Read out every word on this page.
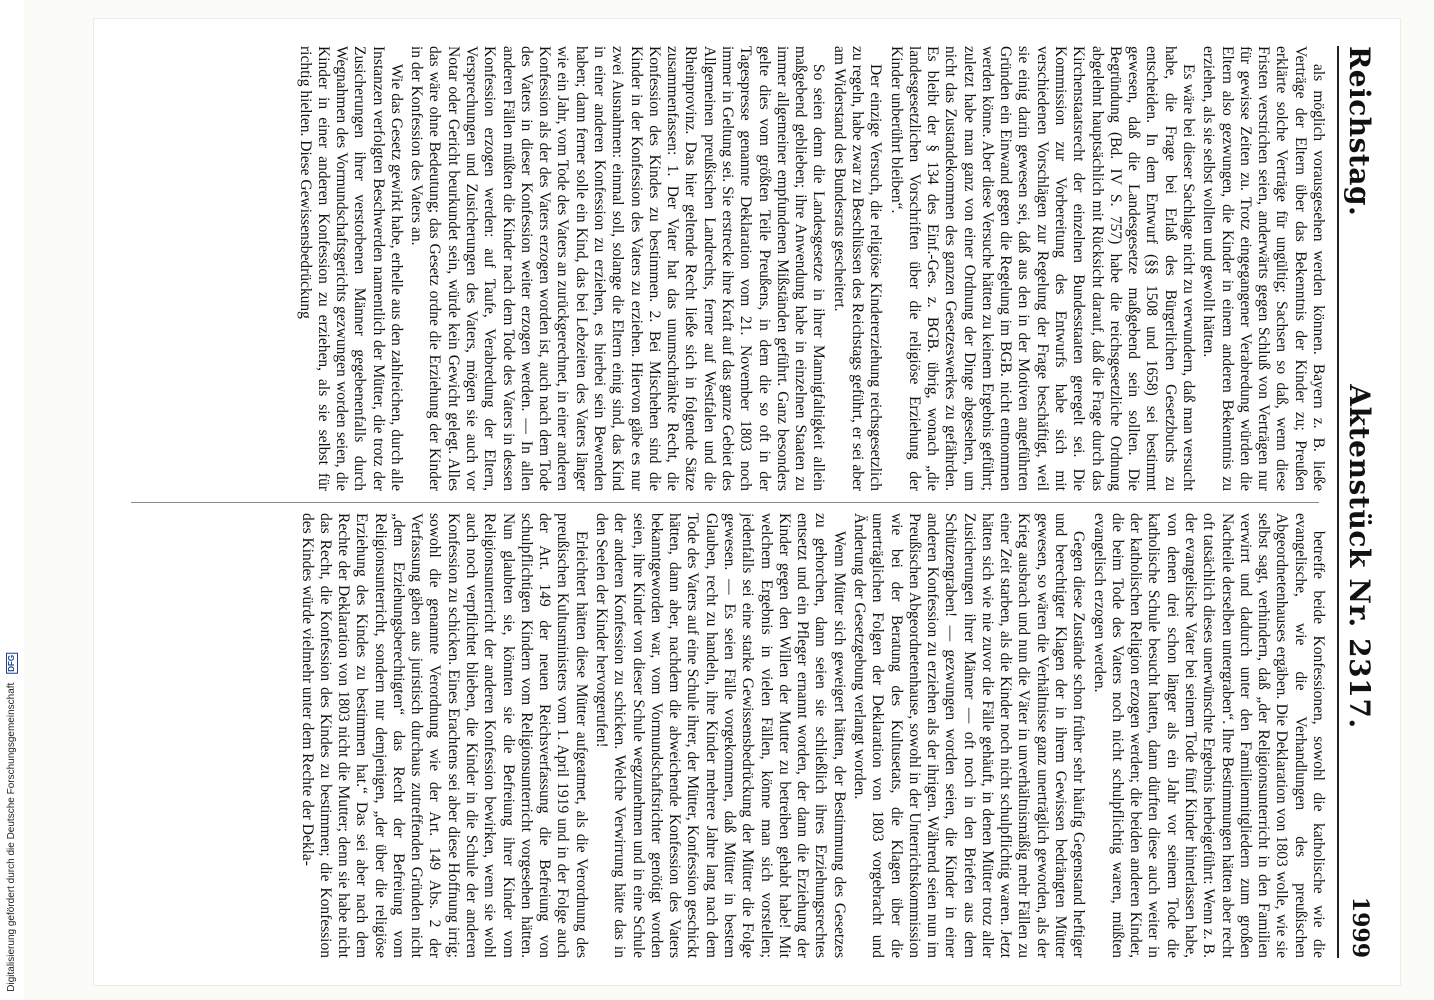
Digitalisierung gefördert durch die Deutsche Forschungsgemeinschaft DFG
Reichstag.
Aktenstück Nr. 2317.
1999

als möglich vorausgesehen werden können. Bayern z. B. ließe Verträge der Eltern über das Bekenntnis der Kinder zu; Preußen erklärte solche Verträge für ungültig; Sachsen so daß, wenn diese Fristen verstrichen seien, anderwärts gegen Schluß von Verträgen nur für gewisse Zeiten zu. Trotz eingegangener Verabredung würden die Eltern also gezwungen, die Kinder in einem anderen Bekenntnis zu erziehen, als sie selbst wollten und gewollt hätten.

Es wäre bei dieser Sachlage nicht zu verwundern, daß man versucht habe, die Frage bei Erlaß des Bürgerlichen Gesetzbuchs zu entscheiden. In dem Entwurf (§§ 1508 und 1658) sei bestimmt gewesen, daß die Landesgesetze maßgebend sein sollten. Die Begründung (Bd. IV S. 757) habe die reichsgesetzliche Ordnung abgelehnt hauptsächlich mit Rücksicht darauf, daß die Frage durch das Kirchenstaatsrecht der einzelnen Bundesstaaten geregelt sei. Die Kommission zur Vorbereitung des Entwurfs habe sich mit verschiedenen Vorschlägen zur Regelung der Frage beschäftigt, weil sie einig darin gewesen sei, daß aus den in der Motiven angeführten Gründen ein Einwand gegen die Regelung im BGB. nicht entnommen werden könne. Aber diese Versuche hätten zu keinem Ergebnis geführt; zuletzt habe man ganz von einer Ordnung der Dinge abgesehen, um nicht das Zustandekommen des ganzen Gesetzeswerkes zu gefährden. Es bleibt der § 134 des Einf.-Ges. z. BGB. übrig, wonach „die landesgesetzlichen Vorschriften über die religiöse Erziehung der Kinder unberührt bleiben“.

Der einzige Versuch, die religiöse Kindererziehung reichsgesetzlich zu regeln, habe zwar zu Beschlüssen des Reichstags geführt, er sei aber am Widerstand des Bundesrats gescheitert.

So seien denn die Landesgesetze in ihrer Mannigfaltigkeit allein maßgebend geblieben; ihre Anwendung habe in einzelnen Staaten zu immer allgemeiner empfundenen Mißständen geführt. Ganz besonders gelte dies vom größten Teile Preußens, in dem die so oft in der Tagespresse genannte Deklaration vom 21. November 1803 noch immer in Geltung sei. Sie erstrecke ihre Kraft auf das ganze Gebiet des Allgemeinen preußischen Landrechts, ferner auf Westfalen und die Rheinprovinz. Das hier geltende Recht ließe sich in folgende Sätze zusammenfassen: 1. Der Vater hat das unumschränkte Recht, die Konfession des Kindes zu bestimmen. 2. Bei Mischehen sind die Kinder in der Konfession des Vaters zu erziehen. Hiervon gäbe es nur zwei Ausnahmen: einmal soll, solange die Eltern einig sind, das Kind in einer anderen Konfession zu erziehen, es hierbei sein Bewenden haben; dann ferner solle ein Kind, das bei Lebzeiten des Vaters länger wie ein Jahr, vom Tode des Vaters an zurückgerechnet, in einer anderen Konfession als der des Vaters erzogen worden ist, auch nach dem Tode des Vaters in dieser Konfession weiter erzogen werden. — In allen anderen Fällen müßten die Kinder nach dem Tode des Vaters in dessen Konfession erzogen werden: auf Taufe, Verabredung der Eltern, Versprechungen und Zusicherungen des Vaters, mögen sie auch vor Notar oder Gericht beurkundet sein, würde kein Gewicht gelegt. Alles das wäre ohne Bedeutung; das Gesetz ordne die Erziehung der Kinder in der Konfession des Vaters an.

Wie das Gesetz gewirkt habe, erhelle aus den zahlreichen, durch alle Instanzen verfolgten Beschwerden namentlich der Mütter, die trotz der Zusicherungen ihrer verstorbenen Männer gegebenenfalls durch Wegnahmen des Vormundschaftsgerichts gezwungen worden seien, die Kinder in einer anderen Konfession zu erziehen, als sie selbst für richtig hielten. Diese Gewissensbedrückung

betreffe beide Konfessionen, sowohl die katholische wie die evangelische, wie die Verhandlungen des preußischen Abgeordnetenhauses ergäben. Die Deklaration von 1803 wolle, wie sie selbst sagt, verhindern, daß „der Religionsunterricht in den Familien verwirrt und dadurch unter den Familienmitgliedern zum großen Nachteile derselben untergraben“. Ihre Bestimmungen hätten aber recht oft tatsächlich dieses unerwünschte Ergebnis herbeigeführt: Wenn z. B. der evangelische Vater bei seinem Tode fünf Kinder hinterlassen habe, von denen drei schon länger als ein Jahr vor seinem Tode die katholische Schule besucht hatten, dann dürften diese auch weiter in der katholischen Religion erzogen werden; die beiden anderen Kinder, die beim Tode des Vaters noch nicht schulpflichtig waren, müßten evangelisch erzogen werden.

Gegen diese Zustände schon früher sehr häufig Gegenstand heftiger und berechtigter Klagen der in ihrem Gewissen bedrängten Mütter gewesen, so wären die Verhältnisse ganz unerträglich geworden, als der Krieg ausbrach und nun die Väter in unverhältnismäßig mehr Fällen zu einer Zeit starben, als die Kinder noch nicht schulpflichtig waren. Jetzt hätten sich wie nie zuvor die Fälle gehäuft, in denen Mütter trotz aller Zusicherungen ihrer Männer — oft noch in den Briefen aus dem Schützengraben! — gezwungen worden seien, die Kinder in einer anderen Konfession zu erziehen als der ihrigen. Während seien nun im Preußischen Abgeordnetenhause, sowohl in der Unterrichtskommission wie bei der Beratung des Kultusetats, die Klagen über die unerträglichen Folgen der Deklaration von 1803 vorgebracht und Änderung der Gesetzgebung verlangt worden.

Wenn Mütter sich geweigert hätten, der Bestimmung des Gesetzes zu gehorchen, dann seien sie schließlich ihres Erziehungsrechtes entsetzt und ein Pfleger ernannt worden, der dann die Erziehung der Kinder gegen den Willen der Mutter zu betreiben gehabt habe! Mit welchem Ergebnis in vielen Fällen, könne man sich vorstellen; jedenfalls sei eine starke Gewissensbedrückung der Mütter die Folge gewesen. — Es seien Fälle vorgekommen, daß Mütter in bestem Glauben, recht zu handeln, ihre Kinder mehrere Jahre lang nach dem Tode des Vaters auf eine Schule ihrer, der Mütter, Konfession geschickt hätten, dann aber, nachdem die abweichende Konfession des Vaters bekanntgeworden war, vom Vormundschaftsrichter genötigt worden seien, ihre Kinder von dieser Schule wegzunehmen und in eine Schule der anderen Konfession zu schicken. Welche Verwirrung hätte das in den Seelen der Kinder hervorgerufen!

Erleichtert hätten diese Mütter aufgeatmet, als die Verordnung des preußischen Kultusministers vom 1. April 1919 und in der Folge auch der Art. 149 der neuen Reichsverfassung die Befreiung von schulpflichtigen Kindern vom Religionsunterricht vorgesehen hätten. Nun glaubten sie, könnten sie die Befreiung ihrer Kinder vom Religionsunterricht der anderen Konfession bewirken, wenn sie wohl auch noch verpflichtet blieben, die Kinder in die Schule der anderen Konfession zu schicken. Eines Erachtens sei aber diese Hoffnung irrig; sowohl die genannte Verordnung wie der Art. 149 Abs. 2 der Verfassung gäben aus juristisch durchaus zutreffenden Gründen nicht „dem Erziehungsberechtigten“ das Recht der Befreiung vom Religionsunterricht, sondern nur demjenigen, „der über die religiöse Erziehung des Kindes zu bestimmen hat.“ Das sei aber nach dem Rechte der Deklaration von 1803 nicht die Mutter; denn sie habe nicht das Recht, die Konfession des Kindes zu bestimmen; die Konfession des Kindes würde vielmehr unter dem Rechte der Dekla-
